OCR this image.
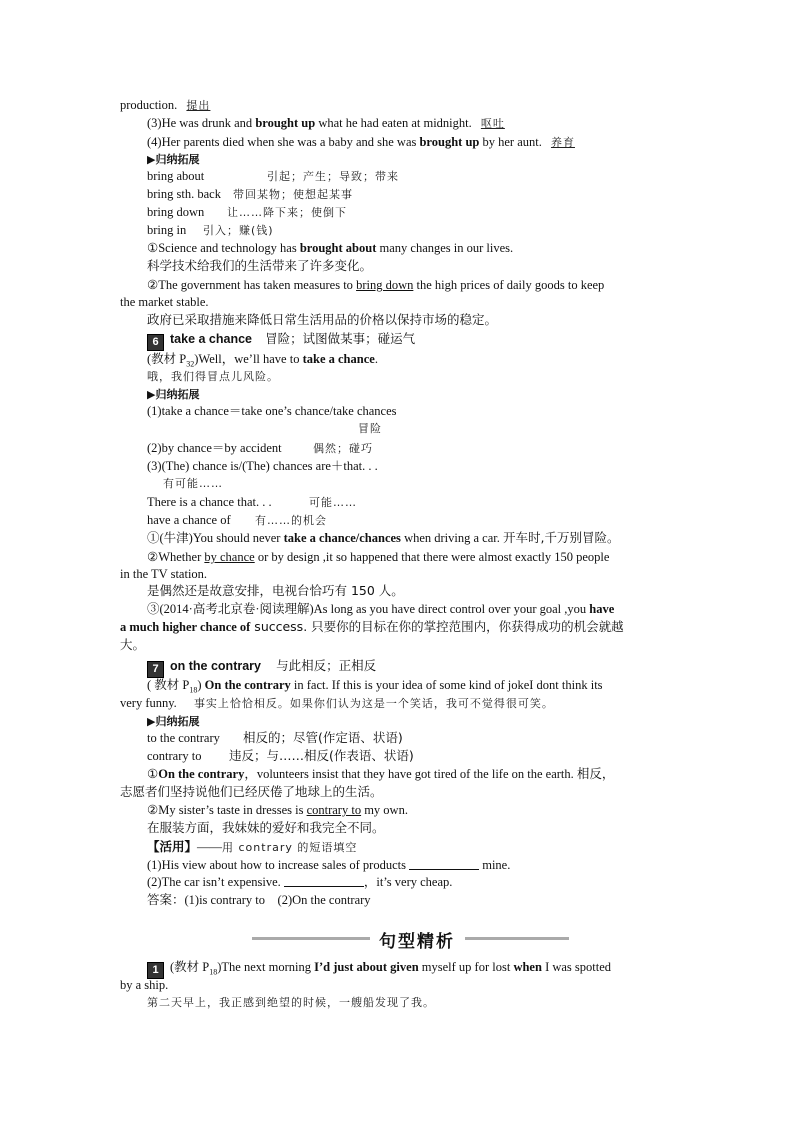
production. 提出
(3)He was drunk and brought up what he had eaten at midnight. 呕吐
(4)Her parents died when she was a baby and she was brought up by her aunt. 养育
▶归纳拓展
bring about	引起；产生；导致；带来
bring sth. back 带回某物；使想起某事
bring down 让……降下来；使倒下
bring in 引入；赚(钱)
①Science and technology has brought about many changes in our lives.
科学技术给我们的生活带来了许多变化。
②The government has taken measures to bring down the high prices of daily goods to keep
the market stable.
政府已采取措施来降低日常生活用品的价格以保持市场的稳定。
6 take a chance 冒险；试图做某事；碰运气
(教材 $P_{32})Well$，we’ll have to take a chance.
哦，我们得冒点儿风险。
▶归纳拓展
(1)take a chance＝take one’s chance/take chances
冒险
(2)by chance＝by accident	偶然；碰巧
(3)(The) chance is/(The) chances are＋that. . .
有可能……
There is a chance that. . .	可能……
have a chance of 有……的机会
①(牛津)You should never take a chance/chances when driving a car. 开车时,千万别冒险。
②Whether by chance or by design ,it so happened that there were almost exactly 150 people
in the TV station.
是偶然还是故意安排，电视台恰巧有 150 人。
③(2014·高考北京卷·阅读理解)As long as you have direct control over your goal ,you have
a much higher chance of success. 只要你的目标在你的掌控范围内，你获得成功的机会就越
大。
7 on the contrary 与此相反；正相反
( 教材 $P_{18}$) On the contrary in fact. If this is your idea of some kind of jokeI dont think its
very funny. 事实上恰恰相反。如果你们认为这是一个笑话，我可不觉得很可笑。
▶归纳拓展
to the contrary 相反的；尽管(作定语、状语)
contrary to 违反；与……相反(作表语、状语)
①On the contrary，volunteers insist that they have got tired of the life on the earth. 相反，
志愿者们坚持说他们已经厌倦了地球上的生活。
②My sister’s taste in dresses is contrary to my own.
在服装方面，我妹妹的爱好和我完全不同。
【活用】——用 contrary 的短语填空
(1)His view about how to increase sales of products	mine.
(2)The car isn’t expensive.	，it’s very cheap.
答案：(1)is contrary to　(2)On the contrary
句型精析
1 (教材 $P_{18})The$ next morning I’d just about given myself up for lost when I was spotted
by a ship.
第二天早上，我正感到绝望的时候，一艘船发现了我。
